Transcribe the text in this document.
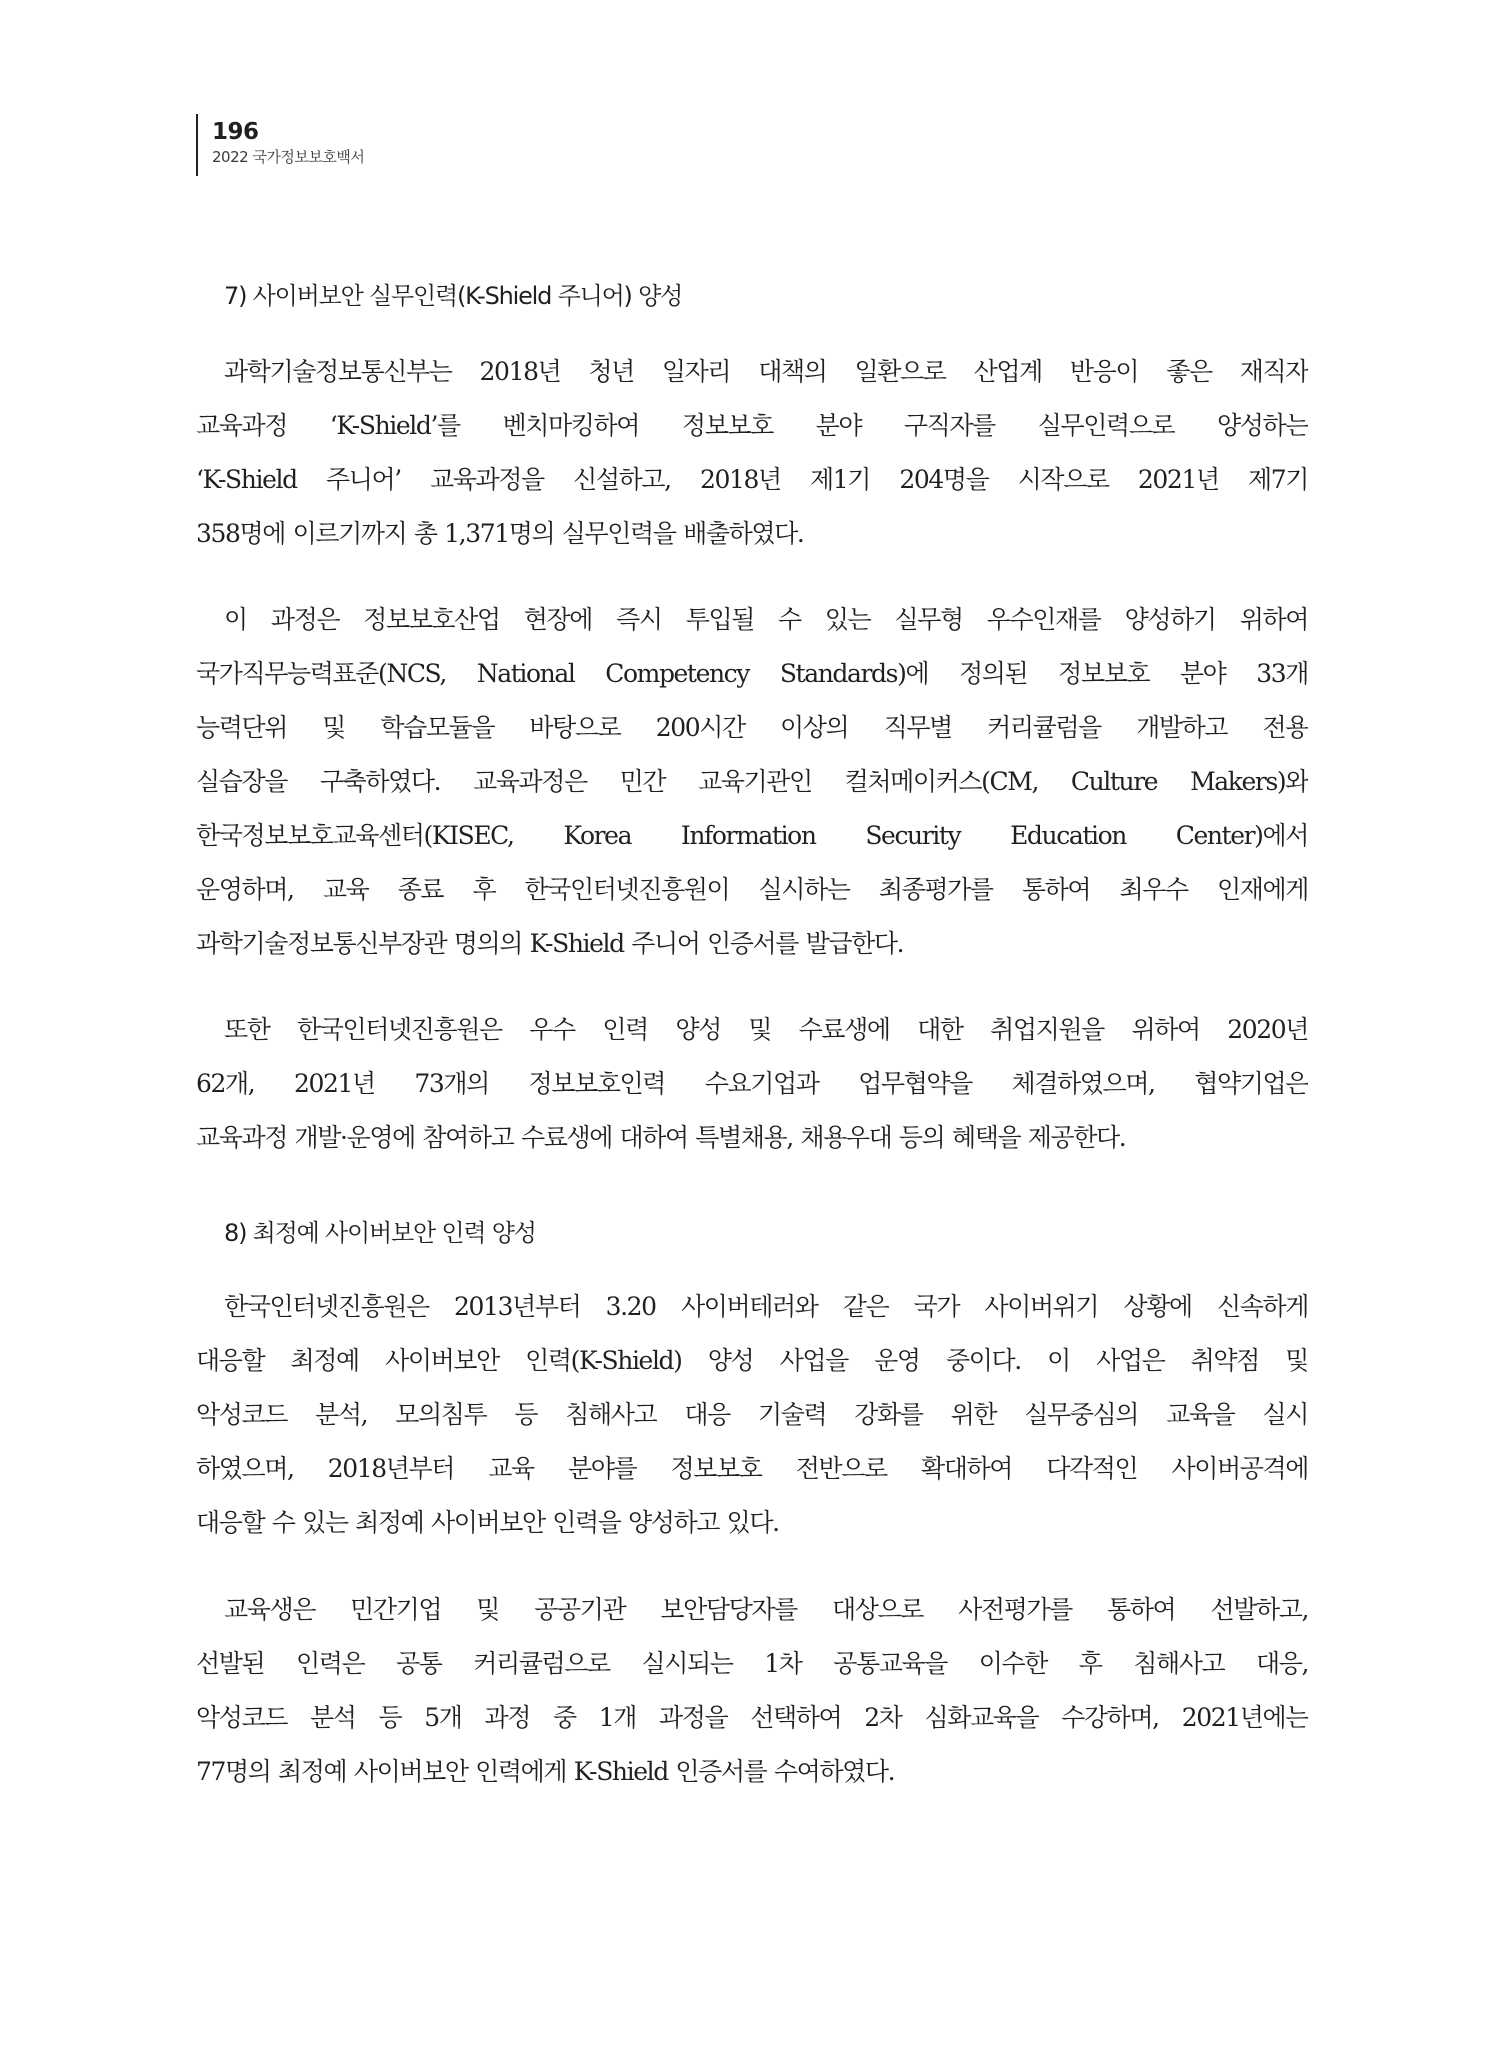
196
2022 국가정보보호백서
7) 사이버보안 실무인력(K-Shield 주니어) 양성

과학기술정보통신부는 2018년 청년 일자리 대책의 일환으로 산업계 반응이 좋은 재직자
교육과정 ‘K-Shield’를 벤치마킹하여 정보보호 분야 구직자를 실무인력으로 양성하는
‘K-Shield 주니어’ 교육과정을 신설하고, 2018년 제1기 204명을 시작으로 2021년 제7기
358명에 이르기까지 총 1,371명의 실무인력을 배출하였다.

이 과정은 정보보호산업 현장에 즉시 투입될 수 있는 실무형 우수인재를 양성하기 위하여
국가직무능력표준(NCS, National Competency Standards)에 정의된 정보보호 분야 33개
능력단위 및 학습모듈을 바탕으로 200시간 이상의 직무별 커리큘럼을 개발하고 전용
실습장을 구축하였다. 교육과정은 민간 교육기관인 컬처메이커스(CM, Culture Makers)와
한국정보보호교육센터(KISEC, Korea Information Security Education Center)에서
운영하며, 교육 종료 후 한국인터넷진흥원이 실시하는 최종평가를 통하여 최우수 인재에게
과학기술정보통신부장관 명의의 K-Shield 주니어 인증서를 발급한다.

또한 한국인터넷진흥원은 우수 인력 양성 및 수료생에 대한 취업지원을 위하여 2020년
62개, 2021년 73개의 정보보호인력 수요기업과 업무협약을 체결하였으며, 협약기업은
교육과정 개발·운영에 참여하고 수료생에 대하여 특별채용, 채용우대 등의 혜택을 제공한다.

8) 최정예 사이버보안 인력 양성

한국인터넷진흥원은 2013년부터 3.20 사이버테러와 같은 국가 사이버위기 상황에 신속하게
대응할 최정예 사이버보안 인력(K-Shield) 양성 사업을 운영 중이다. 이 사업은 취약점 및
악성코드 분석, 모의침투 등 침해사고 대응 기술력 강화를 위한 실무중심의 교육을 실시
하였으며, 2018년부터 교육 분야를 정보보호 전반으로 확대하여 다각적인 사이버공격에
대응할 수 있는 최정예 사이버보안 인력을 양성하고 있다.

교육생은 민간기업 및 공공기관 보안담당자를 대상으로 사전평가를 통하여 선발하고,
선발된 인력은 공통 커리큘럼으로 실시되는 1차 공통교육을 이수한 후 침해사고 대응,
악성코드 분석 등 5개 과정 중 1개 과정을 선택하여 2차 심화교육을 수강하며, 2021년에는
77명의 최정예 사이버보안 인력에게 K-Shield 인증서를 수여하였다.
